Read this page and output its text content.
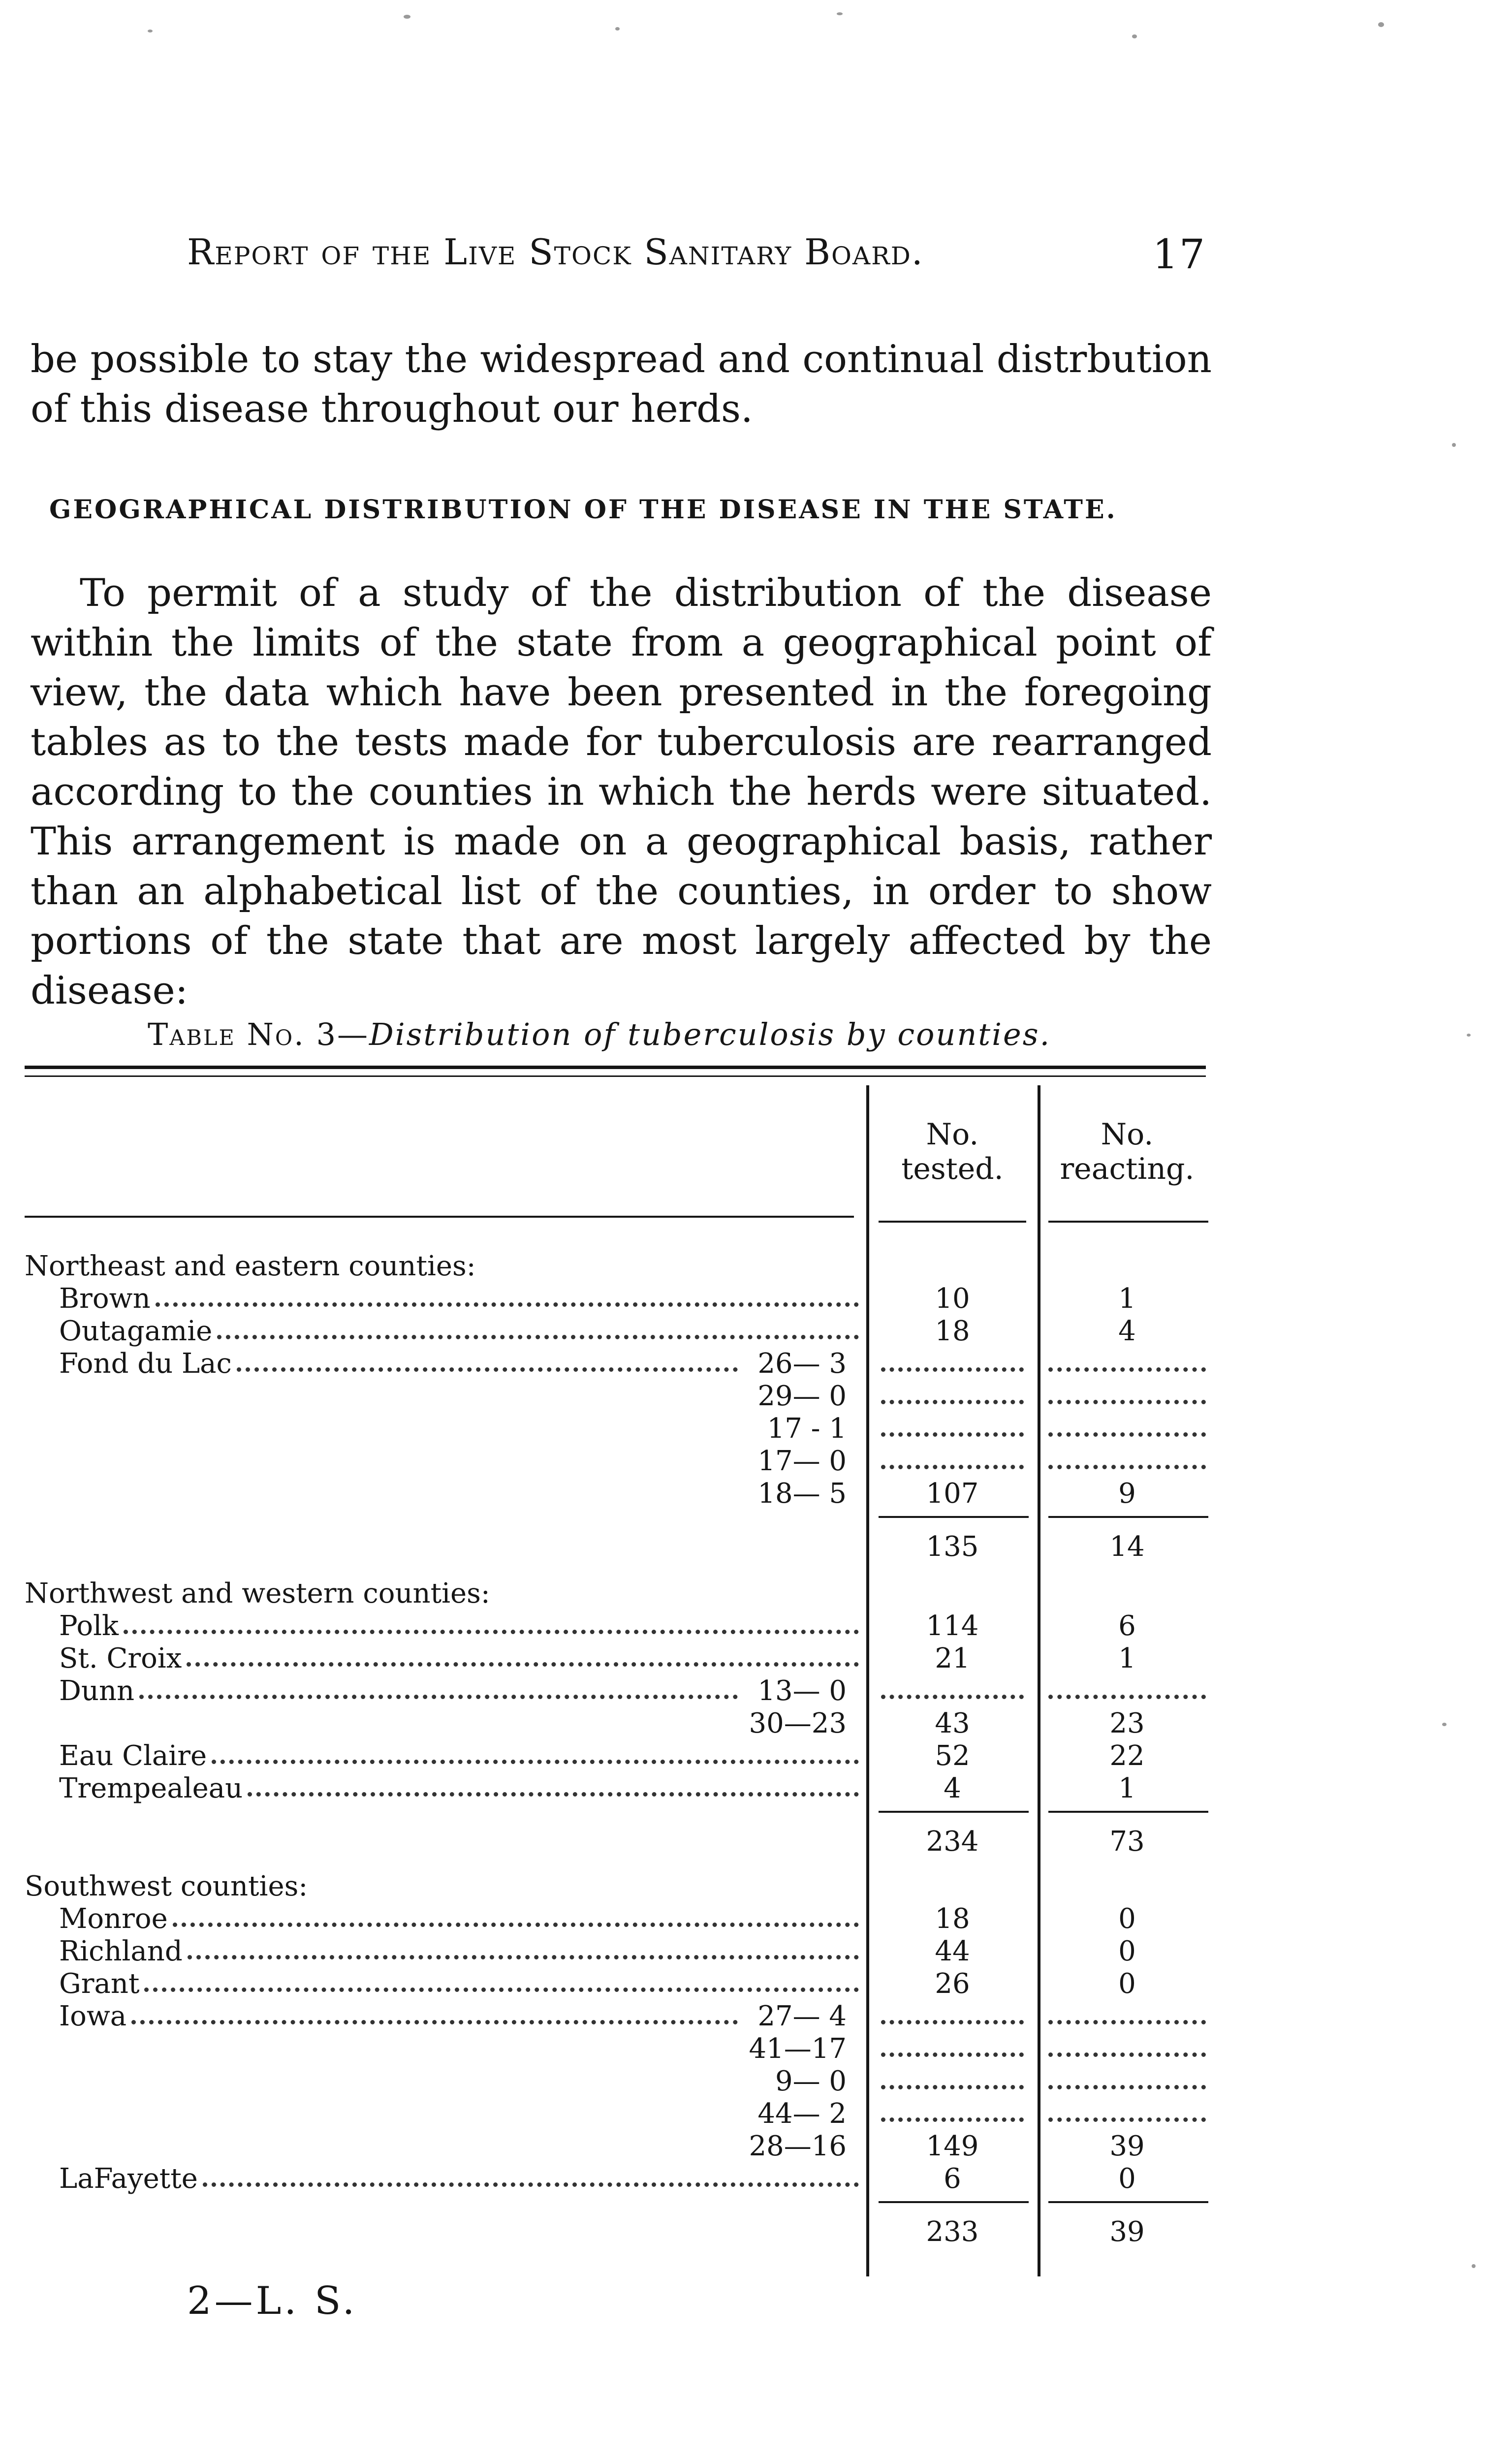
Report of the Live Stock Sanitary Board.	17

be possible to stay the widespread and continual distrbution of this disease throughout our herds.

GEOGRAPHICAL DISTRIBUTION OF THE DISEASE IN THE STATE.

To permit of a study of the distribution of the disease within the limits of the state from a geographical point of view, the data which have been presented in the foregoing tables as to the tests made for tuberculosis are rearranged according to the counties in which the herds were situated. This arrangement is made on a geographical basis, rather than an alphabetical list of the counties, in order to show portions of the state that are most largely affected by the disease:

Table No. 3—Distribution of tuberculosis by counties.
No. tested.
No. reacting.
Northeast and eastern counties:
Brown	10	1
Outagamie	18	4
Fond du Lac	26— 3
29— 0
17 - 1
17— 0
18— 5	107	9
135	14
Northwest and western counties:
Polk	114	6
St. Croix	21	1
Dunn	13— 0
30—23	43	23
Eau Claire	52	22
Trempealeau	4	1
234	73
Southwest counties:
Monroe	18	0
Richland	44	0
Grant	26	0
Iowa	27— 4
41—17
9— 0
44— 2
28—16	149	39
LaFayette	6	0
233	39
2—L. S.
